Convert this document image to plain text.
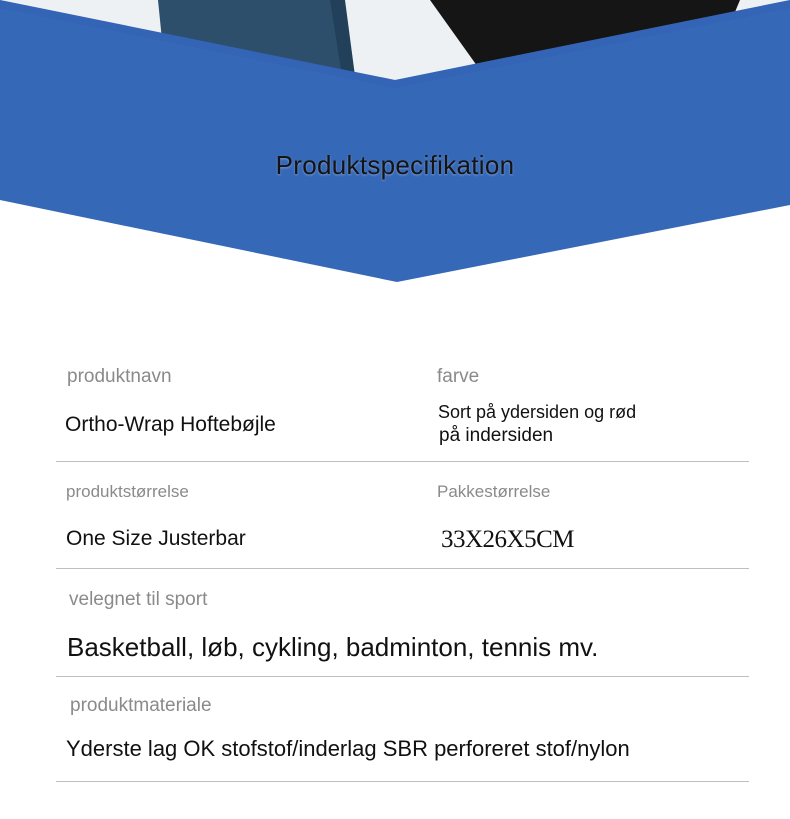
Produktspecifikation
produktnavn
Ortho-Wrap Hoftebøjle
farve
Sort på ydersiden og rød
på indersiden
produktstørrelse
One Size Justerbar
Pakkestørrelse
33X26X5CM
velegnet til sport
Basketball, løb, cykling, badminton, tennis mv.
produktmateriale
Yderste lag OK stofstof/inderlag SBR perforeret stof/nylon
